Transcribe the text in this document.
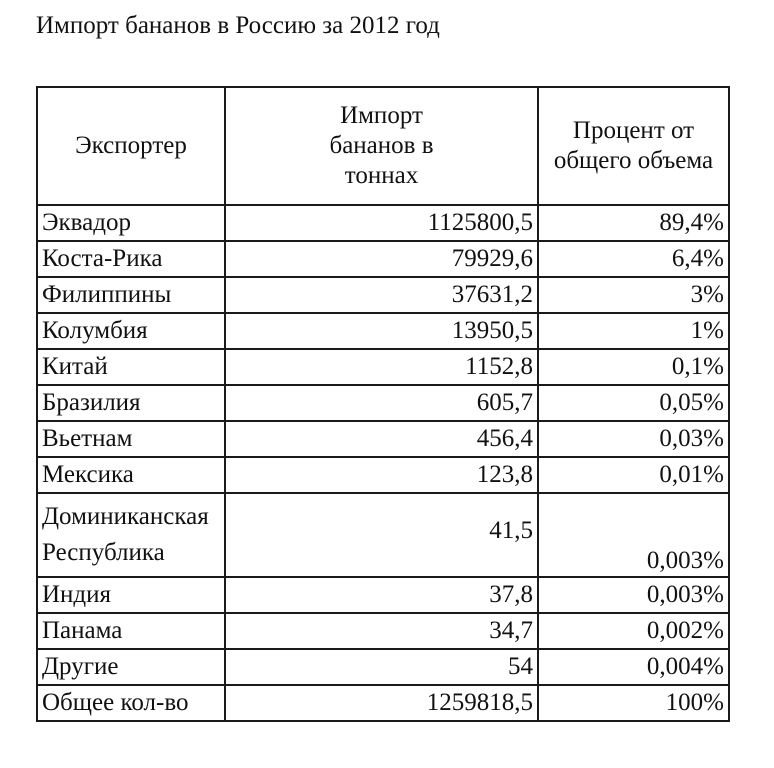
Импорт бананов в Россию за 2012 год
Экспортер	Импорт бананов в тоннах	Процент от общего объема
Эквадор	1125800,5	89,4%
Коста-Рика	79929,6	6,4%
Филиппины	37631,2	3%
Колумбия	13950,5	1%
Китай	1152,8	0,1%
Бразилия	605,7	0,05%
Вьетнам	456,4	0,03%
Мексика	123,8	0,01%
Доминиканская Республика	41,5	0,003%
Индия	37,8	0,003%
Панама	34,7	0,002%
Другие	54	0,004%
Общее кол-во	1259818,5	100%
